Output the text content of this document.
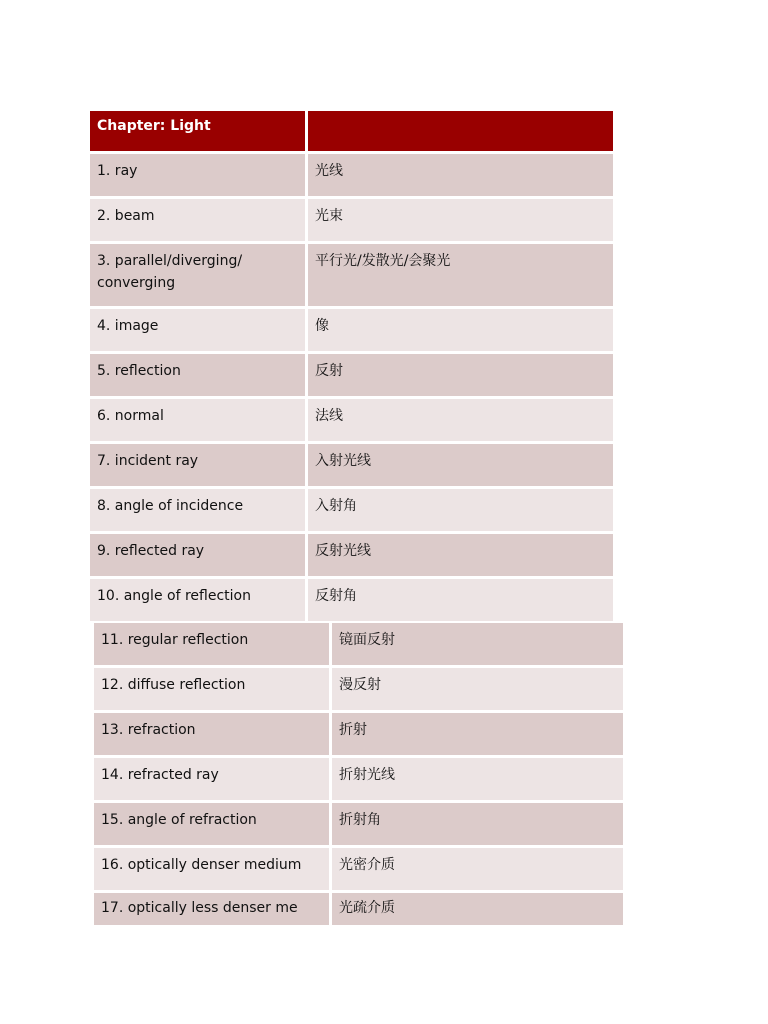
Chapter: Light	
1. ray	光线
2. beam	光束
3. parallel/diverging/ converging	平行光/发散光/会聚光
4. image	像
5. reflection	反射
6. normal	法线
7. incident ray	入射光线
8. angle of incidence	入射角
9. reflected ray	反射光线
10. angle of reflection	反射角
11. regular reflection	镜面反射
12. diffuse reflection	漫反射
13. refraction	折射
14. refracted ray	折射光线
15. angle of refraction	折射角
16. optically denser medium	光密介质
17. optically less denser me	光疏介质
